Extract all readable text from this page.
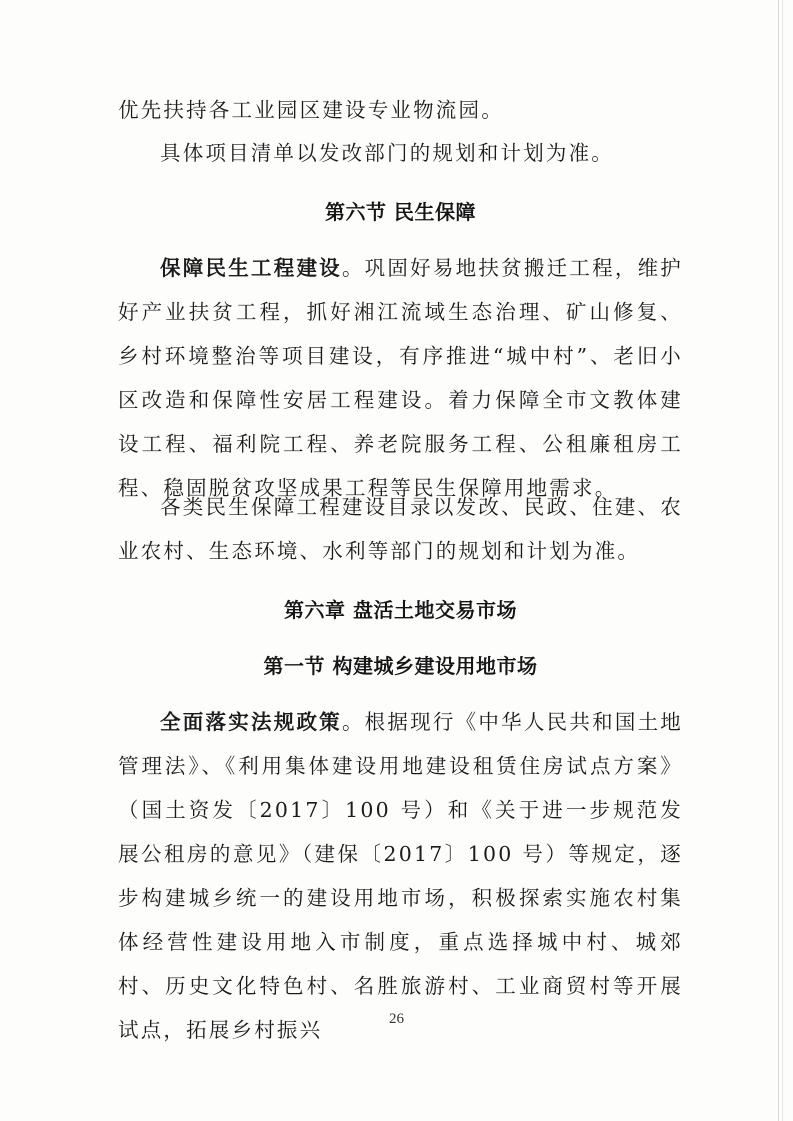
优先扶持各工业园区建设专业物流园。

具体项目清单以发改部门的规划和计划为准。

第六节 民生保障

保障民生工程建设。巩固好易地扶贫搬迁工程，维护好产业扶贫工程，抓好湘江流域生态治理、矿山修复、乡村环境整治等项目建设，有序推进“城中村”、老旧小区改造和保障性安居工程建设。着力保障全市文教体建设工程、福利院工程、养老院服务工程、公租廉租房工程、稳固脱贫攻坚成果工程等民生保障用地需求。

各类民生保障工程建设目录以发改、民政、住建、农业农村、生态环境、水利等部门的规划和计划为准。

第六章 盘活土地交易市场
第一节 构建城乡建设用地市场

全面落实法规政策。根据现行《中华人民共和国土地管理法》、《利用集体建设用地建设租赁住房试点方案》（国土资发〔2017〕100 号）和《关于进一步规范发展公租房的意见》（建保〔2017〕100 号）等规定，逐步构建城乡统一的建设用地市场，积极探索实施农村集体经营性建设用地入市制度，重点选择城中村、城郊村、历史文化特色村、名胜旅游村、工业商贸村等开展试点，拓展乡村振兴	26
